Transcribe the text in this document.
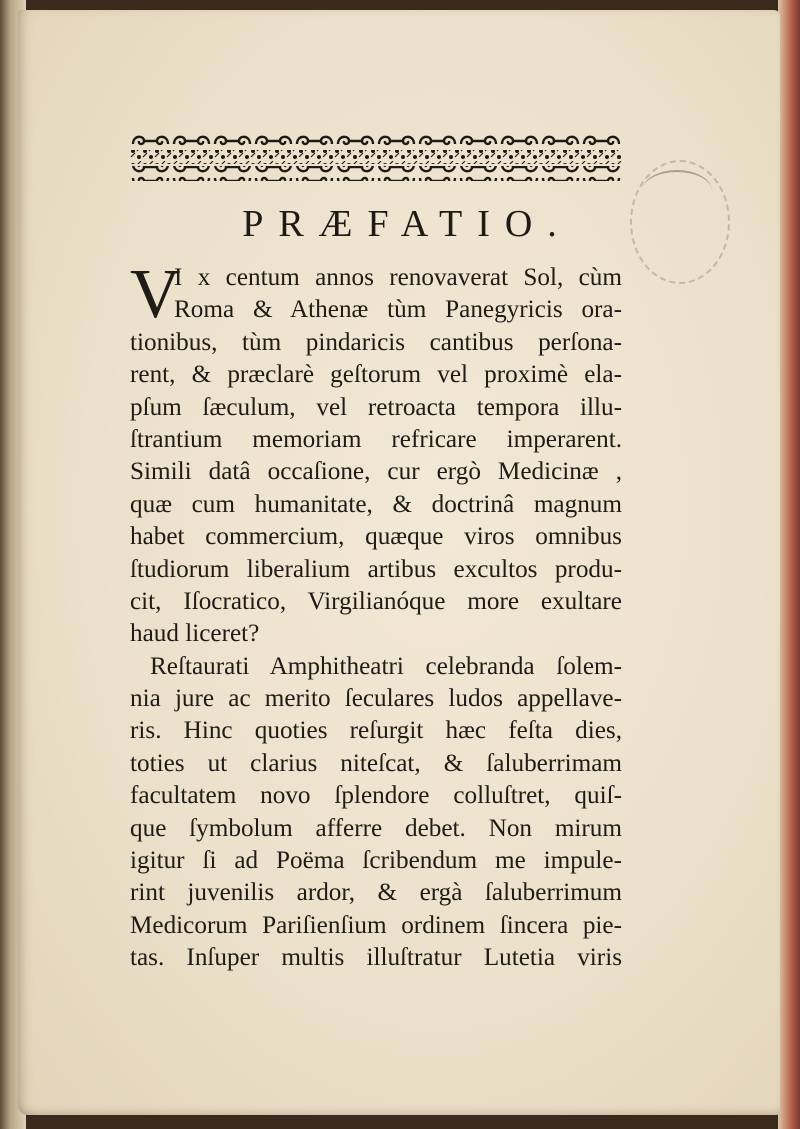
PRÆFATIO.
V
I x centum annos renovaverat Sol, cùm
Roma & Athenæ tùm Panegyricis ora-
tionibus, tùm pindaricis cantibus perſona-
rent, & præclarè geſtorum vel proximè ela-
pſum ſæculum, vel retroacta tempora illu-
ſtrantium memoriam refricare imperarent.
Simili datâ occaſione, cur ergò Medicinæ ,
quæ cum humanitate, & doctrinâ magnum
habet commercium, quæque viros omnibus
ſtudiorum liberalium artibus excultos produ-
cit, Iſocratico, Virgilianóque more exultare
haud liceret?
Reſtaurati Amphitheatri celebranda ſolem-
nia jure ac merito ſeculares ludos appellave-
ris. Hinc quoties reſurgit hæc feſta dies,
toties ut clarius niteſcat, & ſaluberrimam
facultatem novo ſplendore colluſtret, quiſ-
que ſymbolum afferre debet. Non mirum
igitur ſi ad Poëma ſcribendum me impule-
rint juvenilis ardor, & ergà ſaluberrimum
Medicorum Pariſienſium ordinem ſincera pie-
tas. Inſuper multis illuſtratur Lutetia viris
